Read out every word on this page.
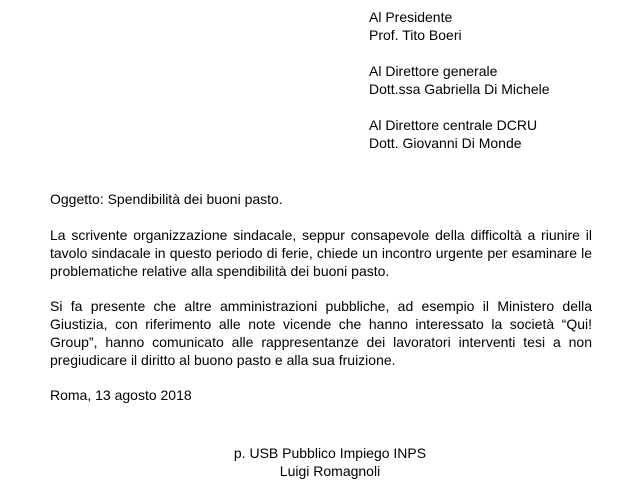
Al Presidente
Prof. Tito Boeri
Al Direttore generale
Dott.ssa Gabriella Di Michele
Al Direttore centrale DCRU
Dott. Giovanni Di Monde

Oggetto: Spendibilità dei buoni pasto.

La scrivente organizzazione sindacale, seppur consapevole della difficoltà a riunire il tavolo sindacale in questo periodo di ferie, chiede un incontro urgente per esaminare le problematiche relative alla spendibilità dei buoni pasto.

Si fa presente che altre amministrazioni pubbliche, ad esempio il Ministero della Giustizia, con riferimento alle note vicende che hanno interessato la società “Qui! Group”, hanno comunicato alle rappresentanze dei lavoratori interventi tesi a non pregiudicare il diritto al buono pasto e alla sua fruizione.

Roma, 13 agosto 2018

p. USB Pubblico Impiego INPS
Luigi Romagnoli
